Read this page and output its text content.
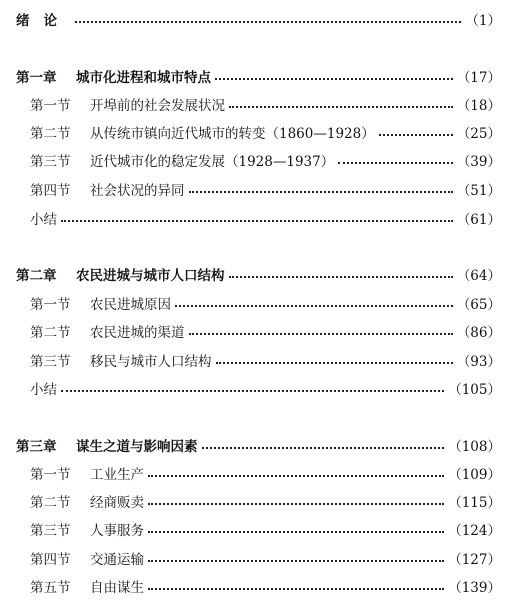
绪论	（1）
第一章	城市化进程和城市特点	（17）
第一节	开埠前的社会发展状况	（18）
第二节	从传统市镇向近代城市的转变（1860—1928）	（25）
第三节	近代城市化的稳定发展（1928—1937）	（39）
第四节	社会状况的异同	（51）
小结	（61）
第二章	农民进城与城市人口结构	（64）
第一节	农民进城原因	（65）
第二节	农民进城的渠道	（86）
第三节	移民与城市人口结构	（93）
小结	（105）
第三章	谋生之道与影响因素	（108）
第一节	工业生产	（109）
第二节	经商贩卖	（115）
第三节	人事服务	（124）
第四节	交通运输	（127）
第五节	自由谋生	（139）
